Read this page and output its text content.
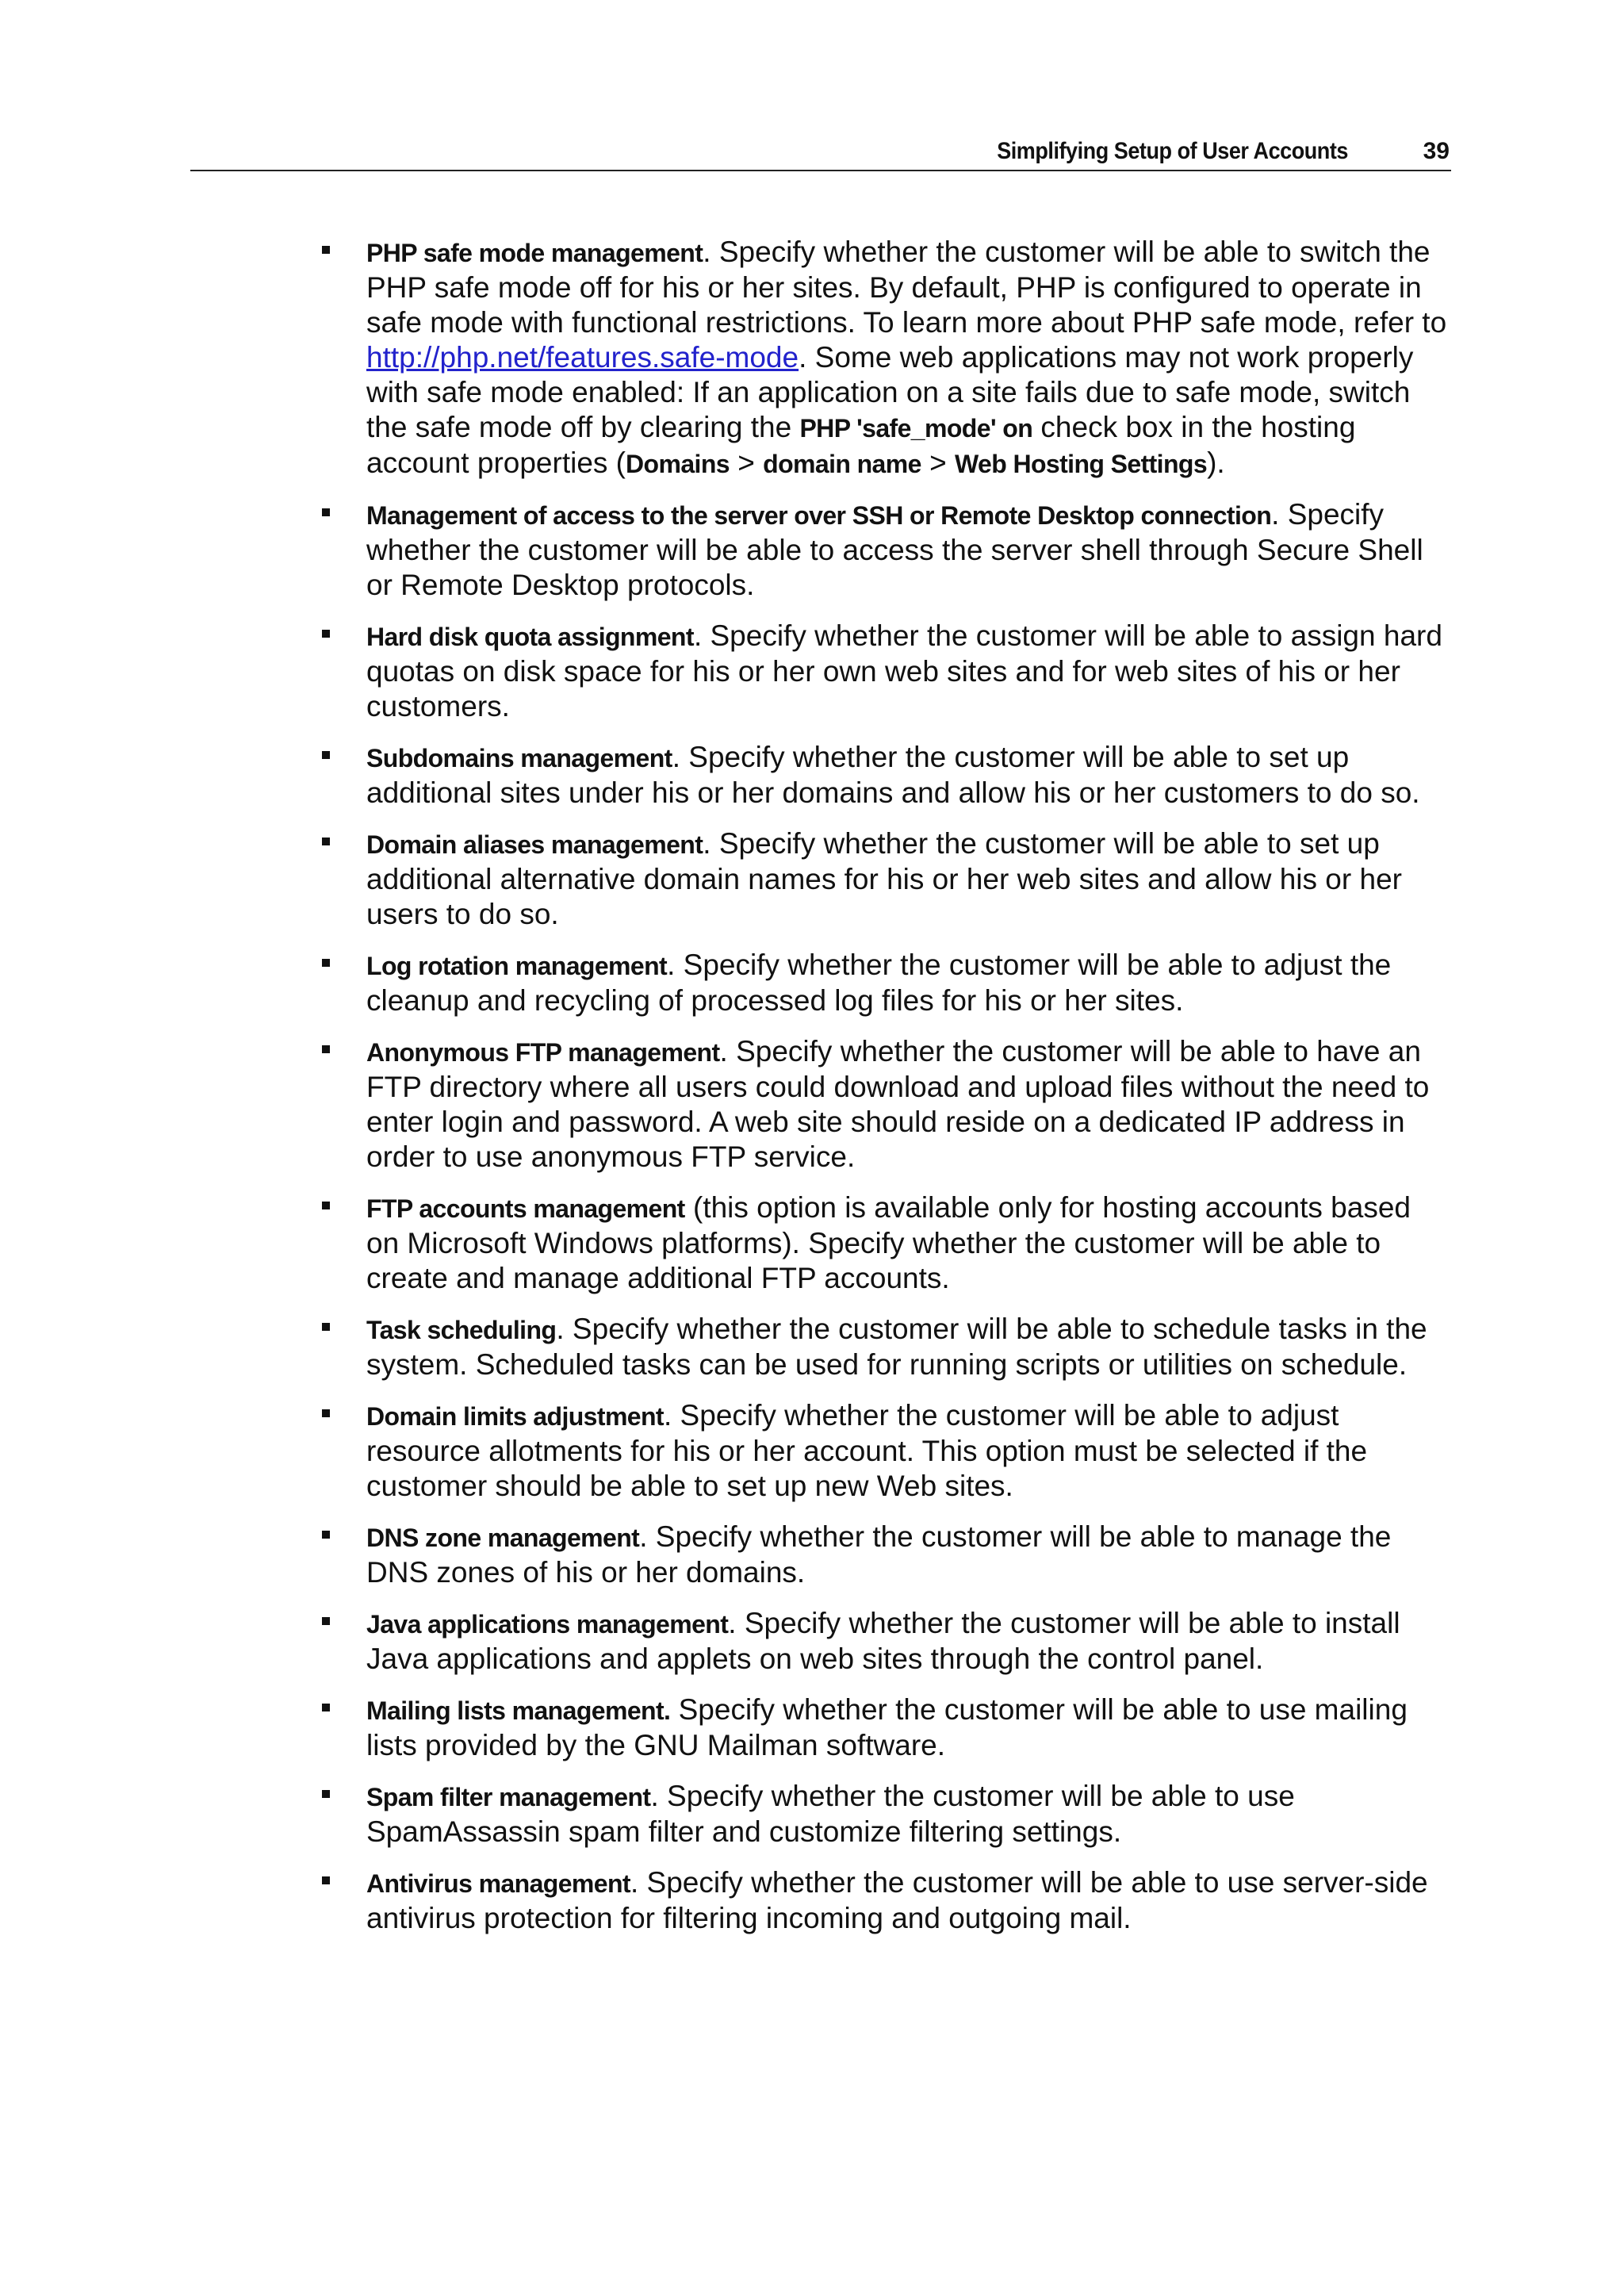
Simplifying Setup of User Accounts	39
PHP safe mode management. Specify whether the customer will be able to switch the PHP safe mode off for his or her sites. By default, PHP is configured to operate in safe mode with functional restrictions. To learn more about PHP safe mode, refer to http://php.net/features.safe-mode. Some web applications may not work properly with safe mode enabled: If an application on a site fails due to safe mode, switch the safe mode off by clearing the PHP 'safe_mode' on check box in the hosting account properties (Domains > domain name > Web Hosting Settings).
Management of access to the server over SSH or Remote Desktop connection. Specify whether the customer will be able to access the server shell through Secure Shell or Remote Desktop protocols.
Hard disk quota assignment. Specify whether the customer will be able to assign hard quotas on disk space for his or her own web sites and for web sites of his or her customers.
Subdomains management. Specify whether the customer will be able to set up additional sites under his or her domains and allow his or her customers to do so.
Domain aliases management. Specify whether the customer will be able to set up additional alternative domain names for his or her web sites and allow his or her users to do so.
Log rotation management. Specify whether the customer will be able to adjust the cleanup and recycling of processed log files for his or her sites.
Anonymous FTP management. Specify whether the customer will be able to have an FTP directory where all users could download and upload files without the need to enter login and password. A web site should reside on a dedicated IP address in order to use anonymous FTP service.
FTP accounts management (this option is available only for hosting accounts based on Microsoft Windows platforms). Specify whether the customer will be able to create and manage additional FTP accounts.
Task scheduling. Specify whether the customer will be able to schedule tasks in the system. Scheduled tasks can be used for running scripts or utilities on schedule.
Domain limits adjustment. Specify whether the customer will be able to adjust resource allotments for his or her account. This option must be selected if the customer should be able to set up new Web sites.
DNS zone management. Specify whether the customer will be able to manage the DNS zones of his or her domains.
Java applications management. Specify whether the customer will be able to install Java applications and applets on web sites through the control panel.
Mailing lists management. Specify whether the customer will be able to use mailing lists provided by the GNU Mailman software.
Spam filter management. Specify whether the customer will be able to use SpamAssassin spam filter and customize filtering settings.
Antivirus management. Specify whether the customer will be able to use server-side antivirus protection for filtering incoming and outgoing mail.
